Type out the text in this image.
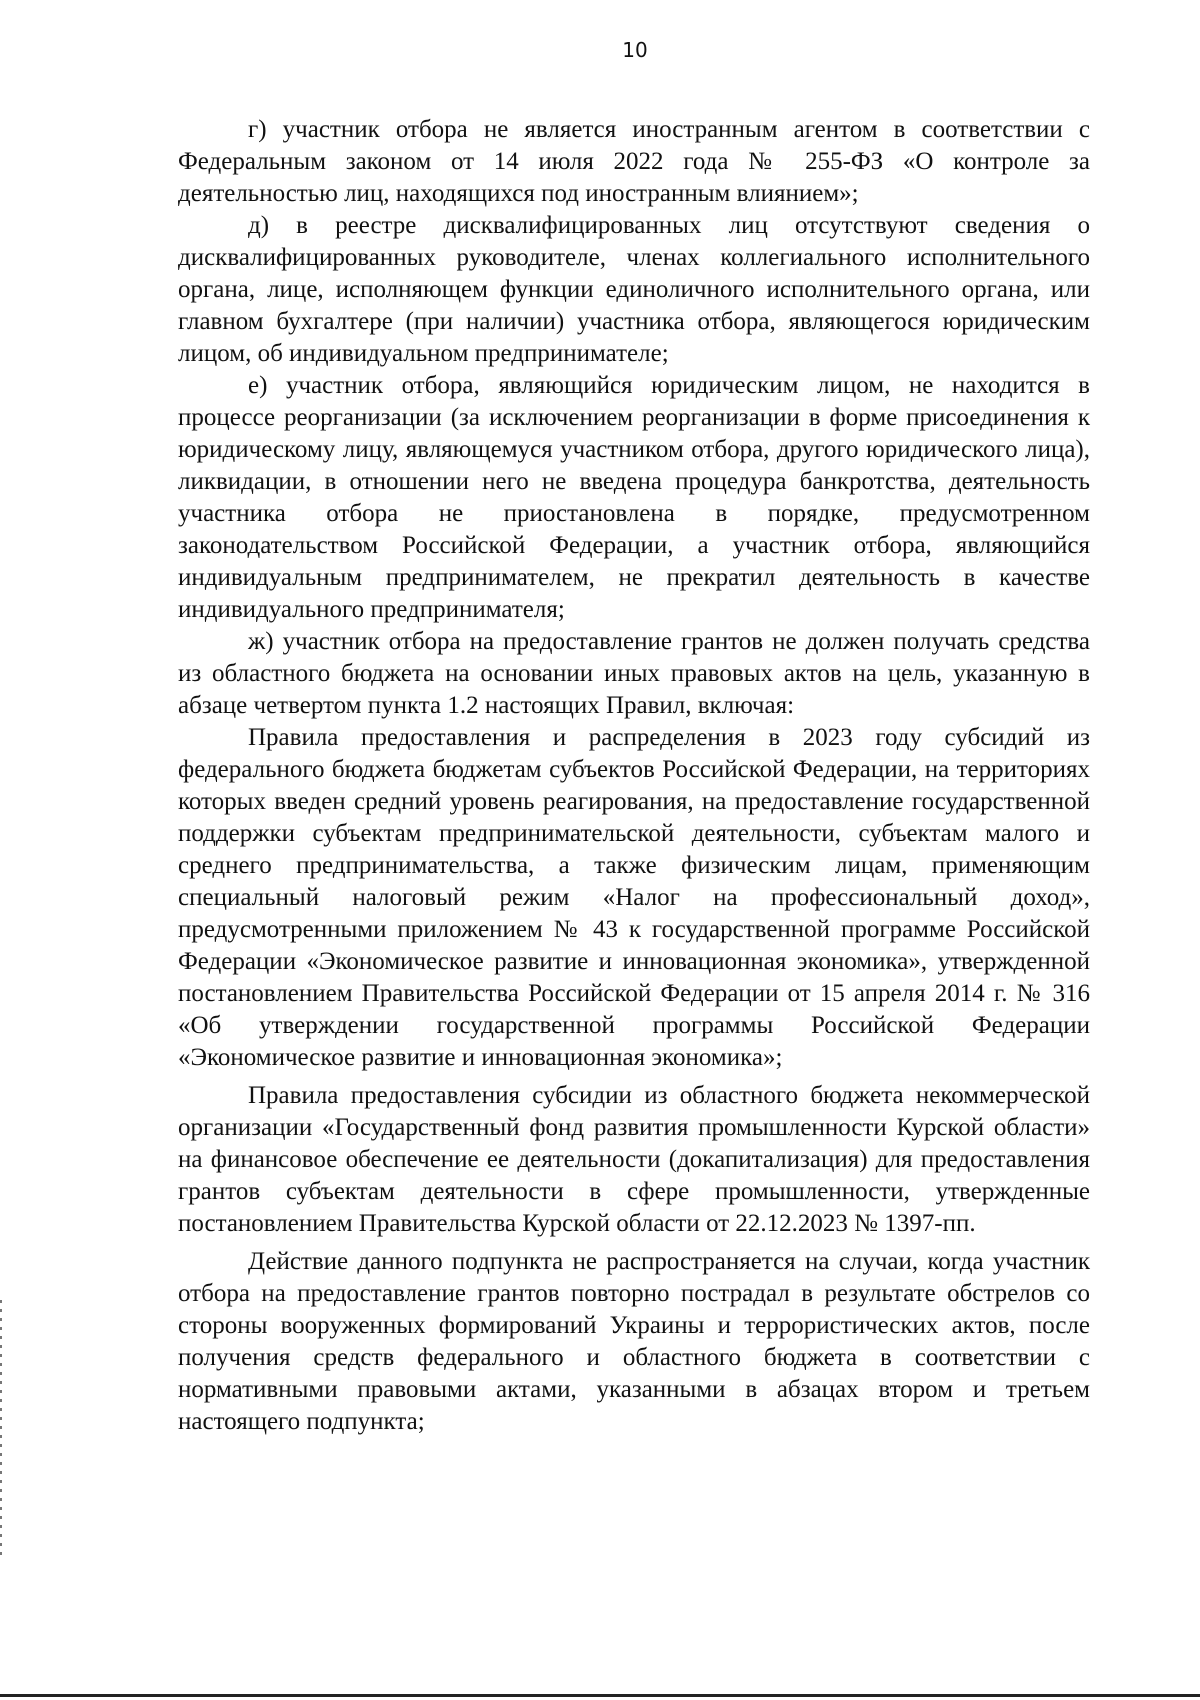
10

г) участник отбора не является иностранным агентом в соответствии с Федеральным законом от 14 июля 2022 года № 255-ФЗ «О контроле за деятельностью лиц, находящихся под иностранным влиянием»;

д) в реестре дисквалифицированных лиц отсутствуют сведения о дисквалифицированных руководителе, членах коллегиального исполнительного органа, лице, исполняющем функции единоличного исполнительного органа, или главном бухгалтере (при наличии) участника отбора, являющегося юридическим лицом, об индивидуальном предпринимателе;

е) участник отбора, являющийся юридическим лицом, не находится в процессе реорганизации (за исключением реорганизации в форме присоединения к юридическому лицу, являющемуся участником отбора, другого юридического лица), ликвидации, в отношении него не введена процедура банкротства, деятельность участника отбора не приостановлена в порядке, предусмотренном законодательством Российской Федерации, а участник отбора, являющийся индивидуальным предпринимателем, не прекратил деятельность в качестве индивидуального предпринимателя;

ж) участник отбора на предоставление грантов не должен получать средства из областного бюджета на основании иных правовых актов на цель, указанную в абзаце четвертом пункта 1.2 настоящих Правил, включая:

Правила предоставления и распределения в 2023 году субсидий из федерального бюджета бюджетам субъектов Российской Федерации, на территориях которых введен средний уровень реагирования, на предоставление государственной поддержки субъектам предпринимательской деятельности, субъектам малого и среднего предпринимательства, а также физическим лицам, применяющим специальный налоговый режим «Налог на профессиональный доход», предусмотренными приложением № 43 к государственной программе Российской Федерации «Экономическое развитие и инновационная экономика», утвержденной постановлением Правительства Российской Федерации от 15 апреля 2014 г. № 316 «Об утверждении государственной программы Российской Федерации «Экономическое развитие и инновационная экономика»;

Правила предоставления субсидии из областного бюджета некоммерческой организации «Государственный фонд развития промышленности Курской области» на финансовое обеспечение ее деятельности (докапитализация) для предоставления грантов субъектам деятельности в сфере промышленности, утвержденные постановлением Правительства Курской области от 22.12.2023 № 1397-пп.

Действие данного подпункта не распространяется на случаи, когда участник отбора на предоставление грантов повторно пострадал в результате обстрелов со стороны вооруженных формирований Украины и террористических актов, после получения средств федерального и областного бюджета в соответствии с нормативными правовыми актами, указанными в абзацах втором и третьем настоящего подпункта;
